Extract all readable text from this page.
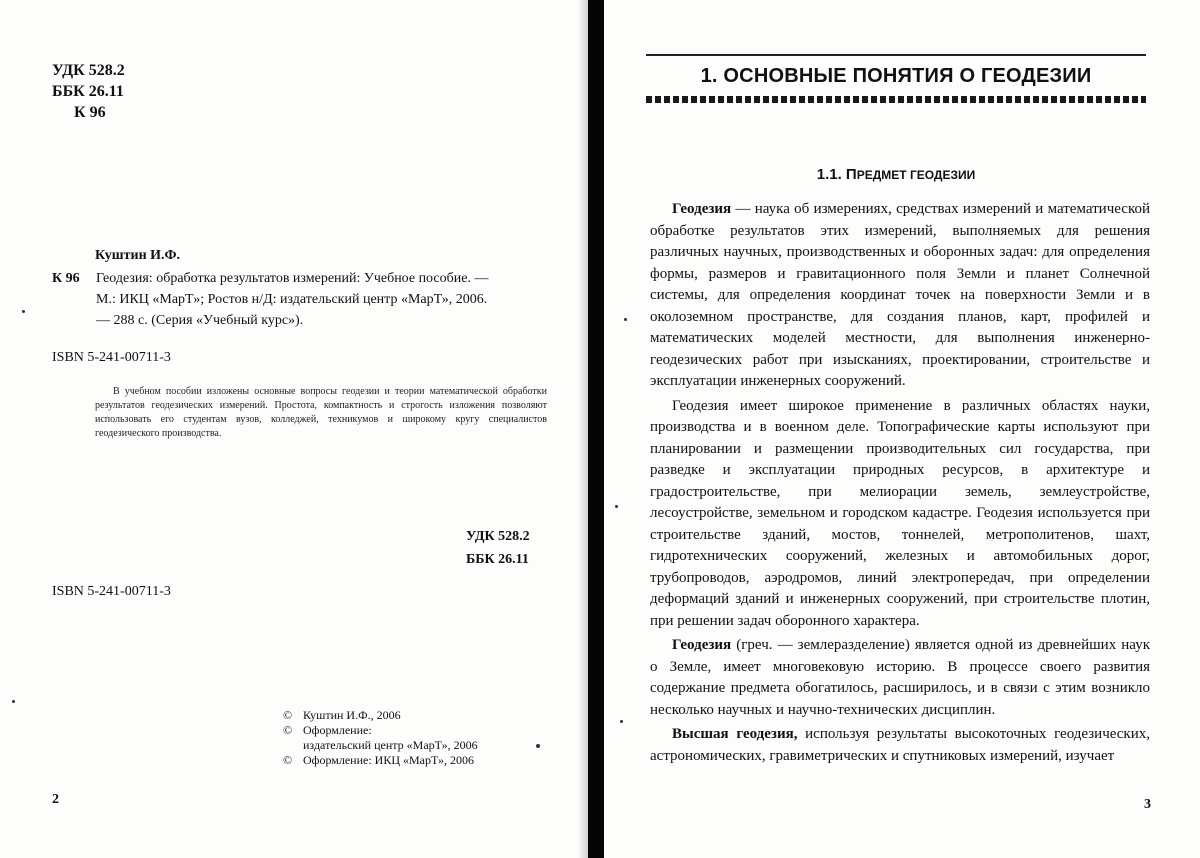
УДК 528.2
ББК 26.11
К 96
Куштин И.Ф.
К 96 Геодезия: обработка результатов измерений: Учебное пособие. —
М.: ИКЦ «МарТ»; Ростов н/Д: издательский центр «МарТ», 2006.
— 288 с. (Серия «Учебный курс»).
ISBN 5-241-00711-3
В учебном пособии изложены основные вопросы геодезии и теории математической обработки результатов геодезических измерений. Простота, компактность и строгость изложения позволяют использовать его студентам вузов, колледжей, техникумов и широкому кругу специалистов геодезического производства.
УДК 528.2
ББК 26.11
ISBN 5-241-00711-3
© Куштин И.Ф., 2006
© Оформление:
издательский центр «МарТ», 2006
© Оформление: ИКЦ «МарТ», 2006
2
1. ОСНОВНЫЕ ПОНЯТИЯ О ГЕОДЕЗИИ
1.1. ПРЕДМЕТ ГЕОДЕЗИИ

Геодезия — наука об измерениях, средствах измерений и математической обработке результатов этих измерений, выполняемых для решения различных научных, производственных и оборонных задач: для определения формы, размеров и гравитационного поля Земли и планет Солнечной системы, для определения координат точек на поверхности Земли и в околоземном пространстве, для создания планов, карт, профилей и математических моделей местности, для выполнения инженерно-геодезических работ при изысканиях, проектировании, строительстве и эксплуатации инженерных сооружений.

Геодезия имеет широкое применение в различных областях науки, производства и в военном деле. Топографические карты используют при планировании и размещении производительных сил государства, при разведке и эксплуатации природных ресурсов, в архитектуре и градостроительстве, при мелиорации земель, землеустройстве, лесоустройстве, земельном и городском кадастре. Геодезия используется при строительстве зданий, мостов, тоннелей, метрополитенов, шахт, гидротехнических сооружений, железных и автомобильных дорог, трубопроводов, аэродромов, линий электропередач, при определении деформаций зданий и инженерных сооружений, при строительстве плотин, при решении задач оборонного характера.

Геодезия (греч. — землеразделение) является одной из древнейших наук о Земле, имеет многовековую историю. В процессе своего развития содержание предмета обогатилось, расширилось, и в связи с этим возникло несколько научных и научно-технических дисциплин.

Высшая геодезия, используя результаты высокоточных геодезических, астрономических, гравиметрических и спутниковых измерений, изучает

3
